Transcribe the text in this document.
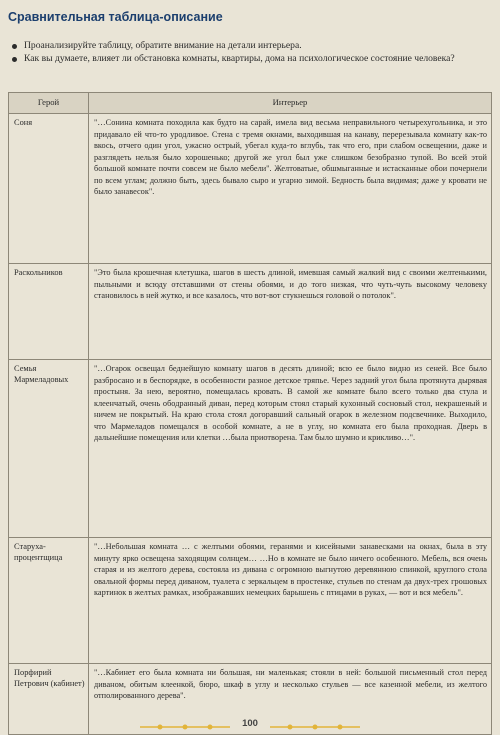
Сравнительная таблица-описание
Проанализируйте таблицу, обратите внимание на детали интерьера.
Как вы думаете, влияет ли обстановка комнаты, квартиры, дома на психологическое состояние человека?
Герой	Интерьер
Соня	"…Сонина комната походила как будто на сарай, имела вид весьма неправильного четырехугольника, и это придавало ей что-то уродливое. Стена с тремя окнами, выходившая на канаву, перерезывала комнату как-то вкось, отчего один угол, ужасно острый, убегал куда-то вглубь, так что его, при слабом освещении, даже и разглядеть нельзя было хорошенько; другой же угол был уже слишком безобразно тупой. Во всей этой большой комнате почти совсем не было мебели". Желтоватые, обшмыганные и истасканные обои почернели по всем углам; должно быть, здесь бывало сыро и угарно зимой. Бедность была видимая; даже у кровати не было занавесок".
Раскольников	"Это была крошечная клетушка, шагов в шесть длиной, имевшая самый жалкий вид с своими желтенькими, пыльными и всюду отставшими от стены обоями, и до того низкая, что чуть-чуть высокому человеку становилось в ней жутко, и все казалось, что вот-вот стукнешься головой о потолок".
Семья Мармеладовых	"…Огарок освещал беднейшую комнату шагов в десять длиной; всю ее было видно из сеней. Все было разбросано и в беспорядке, в особенности разное детское тряпье. Через задний угол была протянута дырявая простыня. За нею, вероятно, помещалась кровать. В самой же комнате было всего только два стула и клеенчатый, очень ободранный диван, перед которым стоял старый кухонный сосновый стол, некрашеный и ничем не покрытый. На краю стола стоял догоравший сальный огарок в железном подсвечнике. Выходило, что Мармеладов помещался в особой комнате, а не в углу, но комната его была проходная. Дверь в дальнейшие помещения или клетки …была приотворена. Там было шумно и крикливо…".
Старуха-процентщица	"…Небольшая комната … с желтыми обоями, геранями и кисейными занавесками на окнах, была в эту минуту ярко освещена заходящим солнцем… …Но в комнате не было ничего особенного. Мебель, вся очень старая и из желтого дерева, состояла из дивана с огромною выгнутою деревянною спинкой, круглого стола овальной формы перед диваном, туалета с зеркальцем в простенке, стульев по стенам да двух-трех грошовых картинок в желтых рамках, изображавших немецких барышень с птицами в руках, — вот и вся мебель".
Порфирий Петрович (кабинет)	"…Кабинет его была комната ни большая, ни маленькая; стояли в ней: большой письменный стол перед диваном, обитым клеенкой, бюро, шкаф в углу и несколько стульев — все казенной мебели, из желтого отполированного дерева".
100
